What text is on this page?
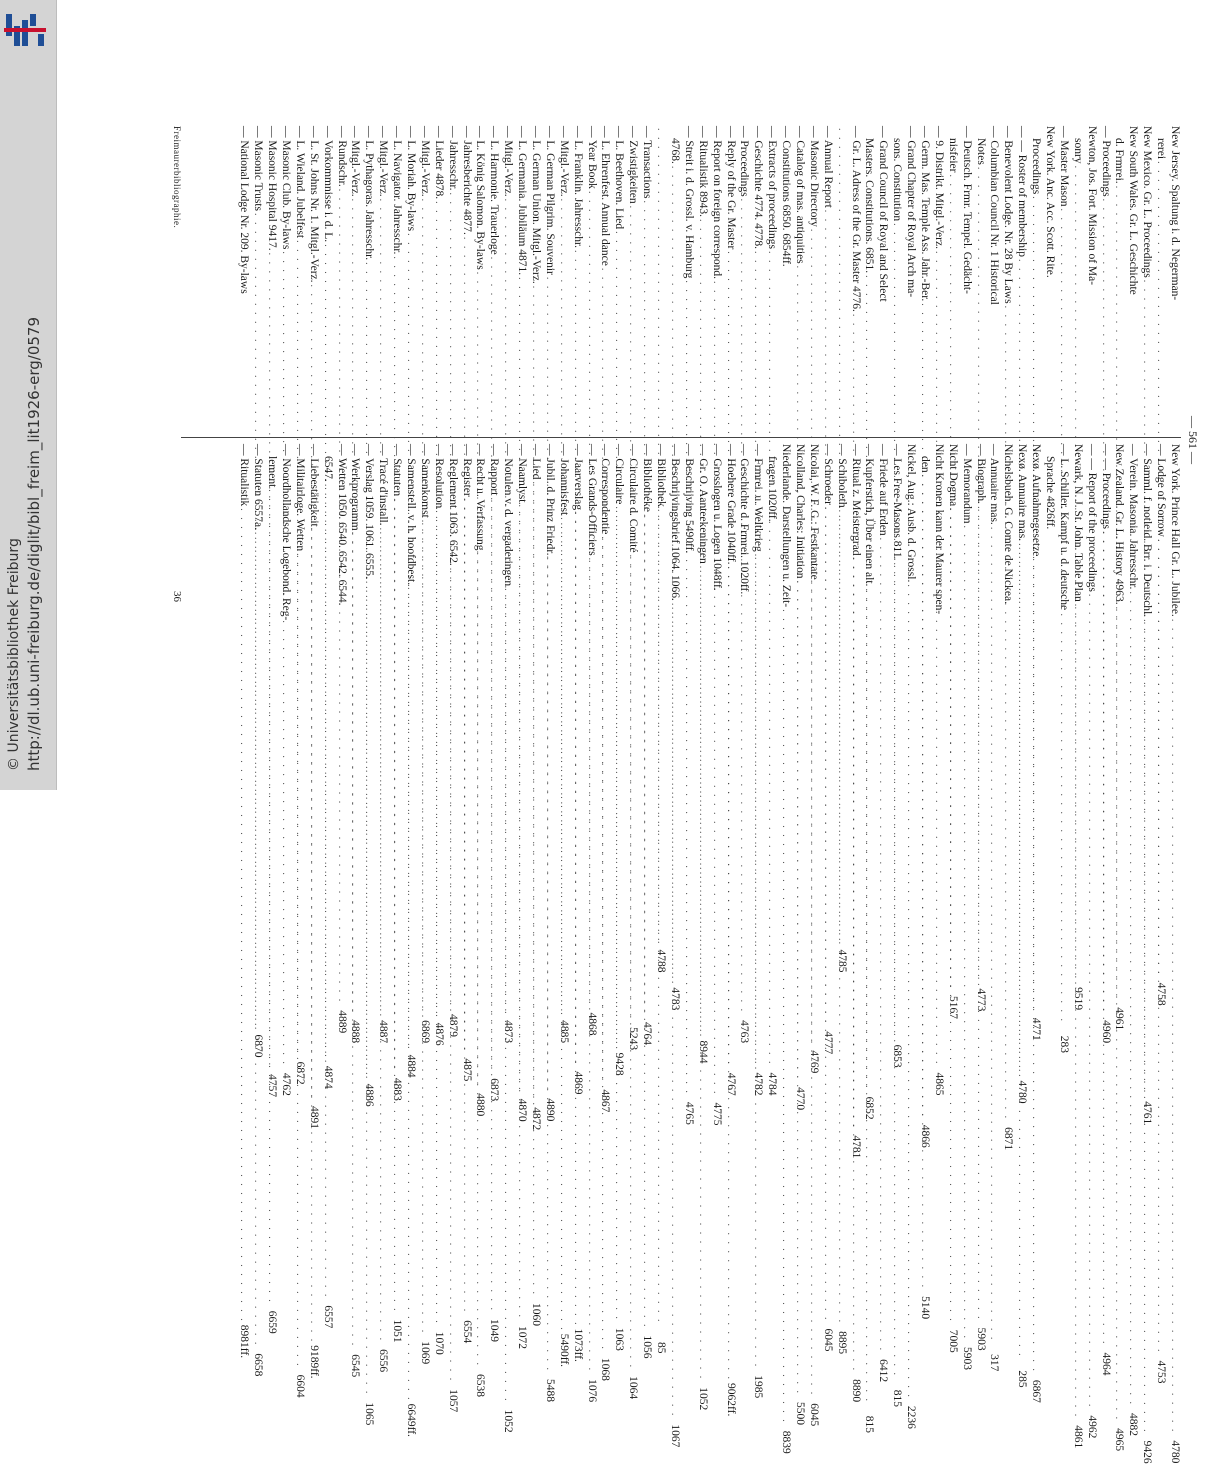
http://dl.ub.uni-freiburg.de/diglit/bibl_freim_lit1926-erg/0579
© Universitätsbibliothek Freiburg
— 561 —
New Jersey. Spaltung i. d. Negerman-
rerei
. . .
4758
New Mexico. Gr. L. Proceedings
. . .
4761
New South Wales. Gr. L. Geschichte
d. Frmrei.
. . .
4961
— Proceedings
. . .
4960
Newton, Jos. Fort. Mission of Ma-
sonry
. . .
9519
— Master Mason
. . .
283
New York. Anc. Acc. Scott. Rite.
Proceedings
. . .
4771
— — Roster of membership
. . .
4780
— Benevolent Lodge. Nr. 28 By Laws
. . .
6871
— Columbian Council Nr. 1 Historical
Notes
. . .
4773
— Deutsch. Frmr. Tempel. Gedächt-
nisfeier
. . .
5167
— 9. Distrikt. Mitgl.-Verz.
. . .
4865
— Germ. Mas. Temple Ass. Jahr.-Ber.
. . .
4866
— Grand Chapter of Royal Arch ma-
sons. Constitution
. . .
6853
— Grand Council of Royal and Select
Masters. Constitutions. 6851.
. . .
6852
— Gr. L. Adress of the Gr. Master 4776.
. . .
4781
. . .
4785
— Annual Report
. . .
4777
— Masonic Directory
. . .
4769
— Catalog of mas. antiquities
. . .
4770
— Constitutions 6850. 6854ff.
— Extracts of proceedings
. . .
4784
— Geschichte 4774. 4778.
. . .
4782
— Proceedings
. . .
4763
— Reply of the Gr. Master
. . .
4767
— Report on foreign correspond.
. . .
4775
— Ritualistik 8943.
. . .
8944
— Streit i. d. Grossl. v. Hamburg
. . .
4765
4768.
. . .
4783
. . .
4788
— Transactions
. . .
4764
— Zwistigkeiten
. . .
5243
— L. Beethoven. Lied
. . .
9428
— L. Ehrenfest. Annual dance
. . .
4867
— Year Book
. . .
4868
— L. Franklin. Jahresschr.
. . .
4869
— Mitgl.-Verz.
. . .
4885
— L. German Pilgrim. Souvenir
. . .
4890
— L. German Union. Mitgl.-Verz.
. . .
4872
— L. Germania. Jubiläum 4871.
. . .
4870
— Mitgl.-Verz.
. . .
4873
— L. Harmonie. Trauerloge
. . .
6873
— L. König Salomon. By-laws
. . .
4880
— Jahresberichte 4877.
. . .
4875
— Jahresschr.
. . .
4879
— Lieder 4878.
. . .
4876
— Mitgl.-Verz.
. . .
6869
— L. Moriah. By-laws
. . .
4884
— L. Navigator. Jahresschr.
. . .
4883
— Mitgl.-Verz.
. . .
4887
— L. Pythagoras. Jahresschr.
. . .
4886
— Mitgl.-Verz.
. . .
4888
— Rundschr.
. . .
4889
— Vorkommnisse i. d. L.
. . .
4874
— L. St. Johns Nr. 1. Mitgl.-Verz.
. . .
4891
— L. Wieland. Jubelfest
. . .
6872
— Masonic Club. By-laws
. . .
4762
— Masonic Hospital 9417.
. . .
4757
— Masonic Trusts
. . .
6870
— National Lodge Nr. 209. By-laws
New York. Prince Hall Gr. L. Jubilee.
. . .
4780
— Lodge of Sorrow
. . .
4753
— Samml. f. notleid. Brr. i. Deutschl.
. . .
9426
— Verein. Masonia. Jahresschr.
. . .
4882
New Zealand. Gr. L. History 4963.
. . .
4965
— — Proceedings
. . .
4964
— — Report of the proceedings
. . .
4962
Newark, N. J. St. John. Table Plan
. . .
4861
— L. Schiller. Kampf u. d. deutsche
Sprache 4826ff.
Nexø. Aufnahmegesetze
. . .
6867
Nexø. Annuaire mas.
. . .
285
Nichelsbueh. G. Comte de Nickea.
— Annuaire mas.
. . .
317
— Biograph.
. . .
5903
— Memorandum
. . .
5903
Nicht Dogma
. . .
7005
Nicht Kronen kann der Maurer spen-
den
. . .
5140
Nickel, Aug.: Ausb. d. Grossl.
. . .
2236
— Les Free-Masons 811.
. . .
815
— Friede auf Erden
. . .
6412
— Kupferstich, Über einen alt.
. . .
815
— Ritual z. Meistergrad
. . .
8890
— Schiboleth
. . .
8895
— Schroeder
. . .
6045
Nicolai, W. F. G.: Festkantate
. . .
6045
Nicolland, Charles: Initiation
. . .
5500
Niederlande. Darstellungen u. Zeit-
. . .
8839
fragen 1020ff.
— Frmrei. u. Weltkrieg
. . .
1985
— Geschichte d. Frmrei. 1020ff.
— Hoehere Grade 1040ff.
. . .
9062ff.
— Grosslogen u. Logen 1048ff.
— Gr. O. Aanteekeningen
. . .
1052
— Beschrijving 5490ff.
— Beschrijvingsbrief 1064. 1066.
. . .
1067
— Bibliothek
. . .
85
— Bibliothéke
. . .
1056
— Circulaire d. Comité
. . .
1064
— Circulaire
. . .
1063
— Correspondentie
. . .
1068
— Les Grands-Officiers
. . .
1076
— Jaarverslag
. . .
1073ff.
— Johannisfest
. . .
5490ff.
— Jubil. d. Prinz Friedr.
. . .
5488
— Lied
. . .
1060
— Naamlyst
. . .
1072
— Notulen v. d. vergaderingen
. . .
1052
— Rapport
. . .
1049
— Recht u. Verfassung
. . .
6538
— Register
. . .
6554
— Reglement 1063. 6542.
. . .
1057
— Resolution
. . .
1070
— Samenkomst
. . .
1069
— Samenstell. v. h. hoofdbest.
. . .
6649ff.
— Statuten
. . .
1051
— Tracé d'install.
. . .
6556
— Verslag 1059. 1061. 6555.
. . .
1065
— Werkprogramm
. . .
6545
— Wetten 1050. 6540. 6542. 6544.
6547.
. . .
6557
— Liebestätigkeit
. . .
9189ff.
— Militairloge. Wetten
. . .
6604
— Noordhollandsche Logebond. Reg-
lement
. . .
6659
— Statuten 6557a.
. . .
6658
— Ritualistik
. . .
8981ff.
Freimaurerbibliographie.
36
